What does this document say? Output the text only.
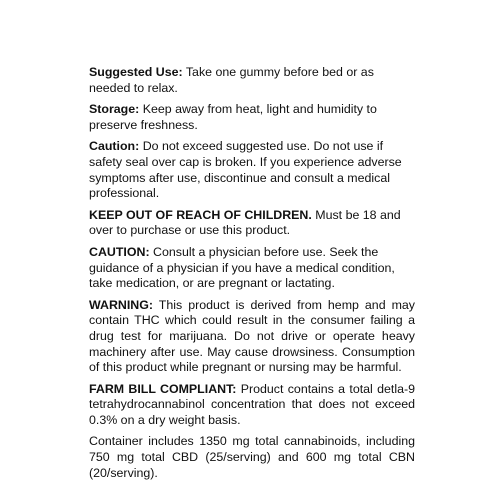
Suggested Use: Take one gummy before bed or as needed to relax.

Storage: Keep away from heat, light and humidity to preserve freshness.

Caution: Do not exceed suggested use. Do not use if safety seal over cap is broken. If you experience adverse symptoms after use, discontinue and consult a medical professional.

KEEP OUT OF REACH OF CHILDREN. Must be 18 and over to purchase or use this product.

CAUTION: Consult a physician before use. Seek the guidance of a physician if you have a medical condition, take medication, or are pregnant or lactating.

WARNING: This product is derived from hemp and may contain THC which could result in the consumer failing a drug test for marijuana. Do not drive or operate heavy machinery after use. May cause drowsiness. Consumption of this product while pregnant or nursing may be harmful.

FARM BILL COMPLIANT: Product contains a total detla-9 tetrahydrocannabinol concentration that does not exceed 0.3% on a dry weight basis.

Container includes 1350 mg total cannabinoids, including 750 mg total CBD (25/serving) and 600 mg total CBN (20/serving).
